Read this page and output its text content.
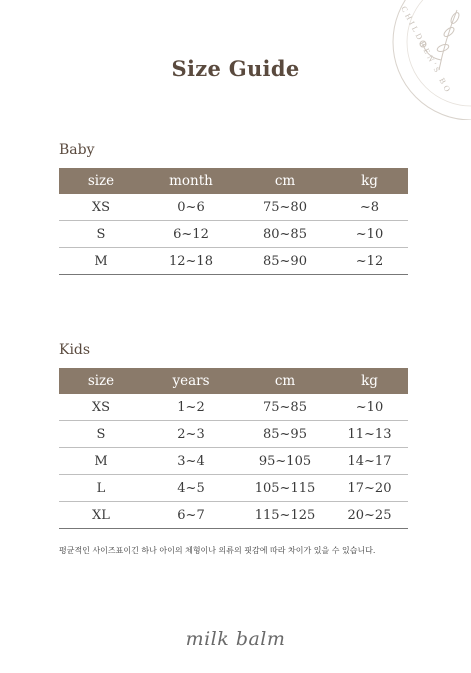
CHILDREN'S BO
Size Guide
Baby
size	month	cm	kg
XS	0~6	75~80	~8
S	6~12	80~85	~10
M	12~18	85~90	~12
Kids
size	years	cm	kg
XS	1~2	75~85	~10
S	2~3	85~95	11~13
M	3~4	95~105	14~17
L	4~5	105~115	17~20
XL	6~7	115~125	20~25
평균적인 사이즈표이긴 하나 아이의 체형이나 의류의 핏감에 따라 차이가 있을 수 있습니다.
milk balm
